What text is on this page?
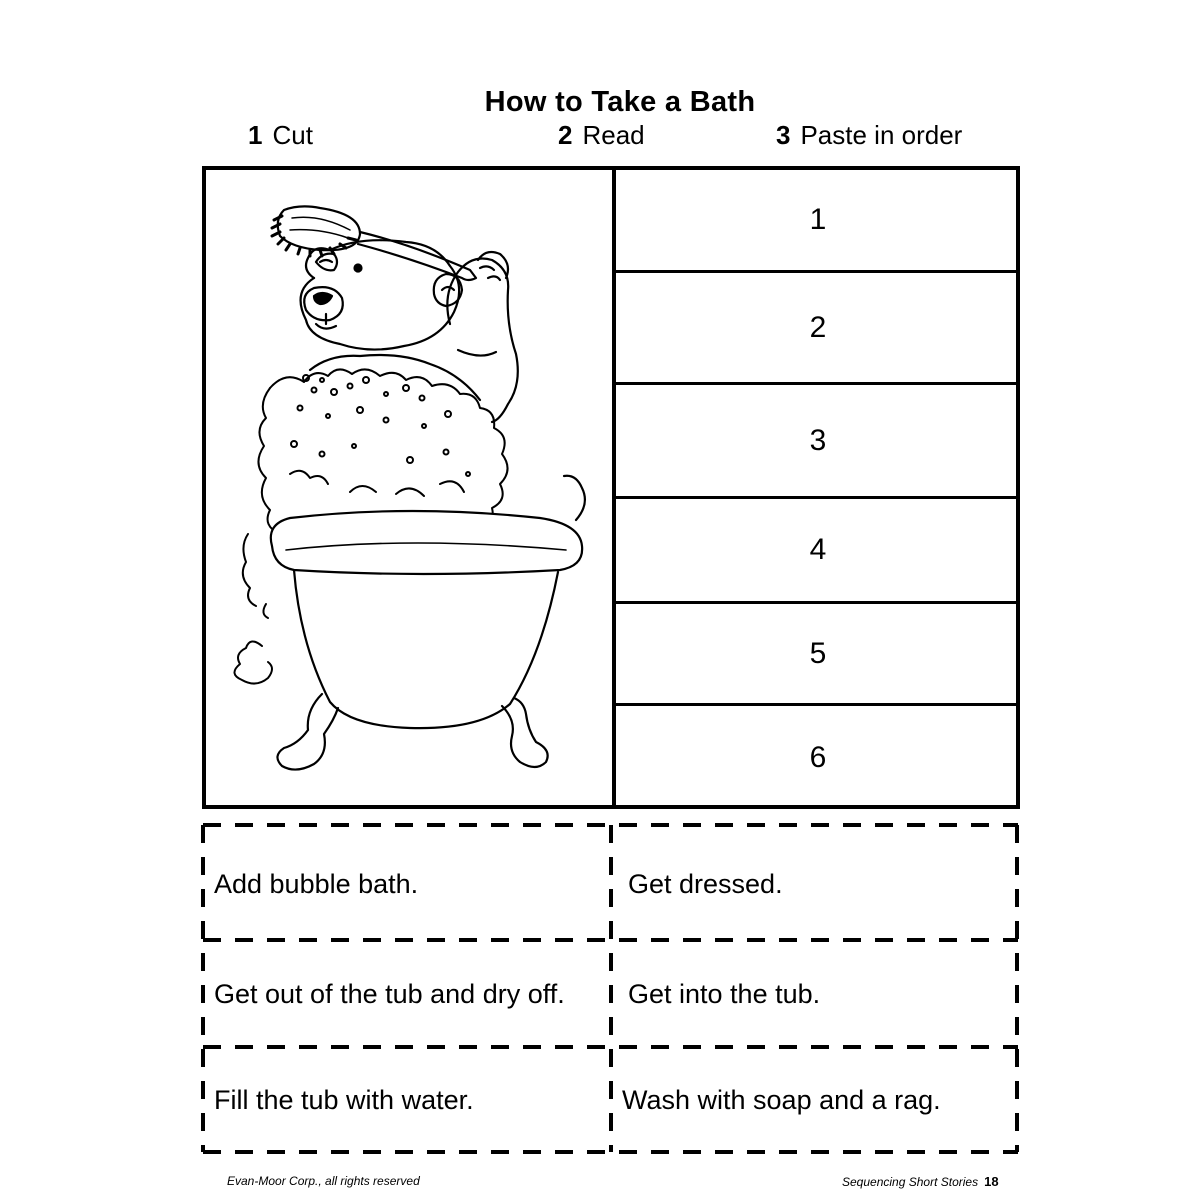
How to Take a Bath
1 Cut	2 Read	3 Paste in order
1
2
3
4
5
6
Add bubble bath.	Get dressed.
Get out of the tub and dry off. Get into the tub.
Fill the tub with water.	Wash with soap and a rag.
Evan-Moor Corp., all rights reserved	Sequencing Short Stories 18
